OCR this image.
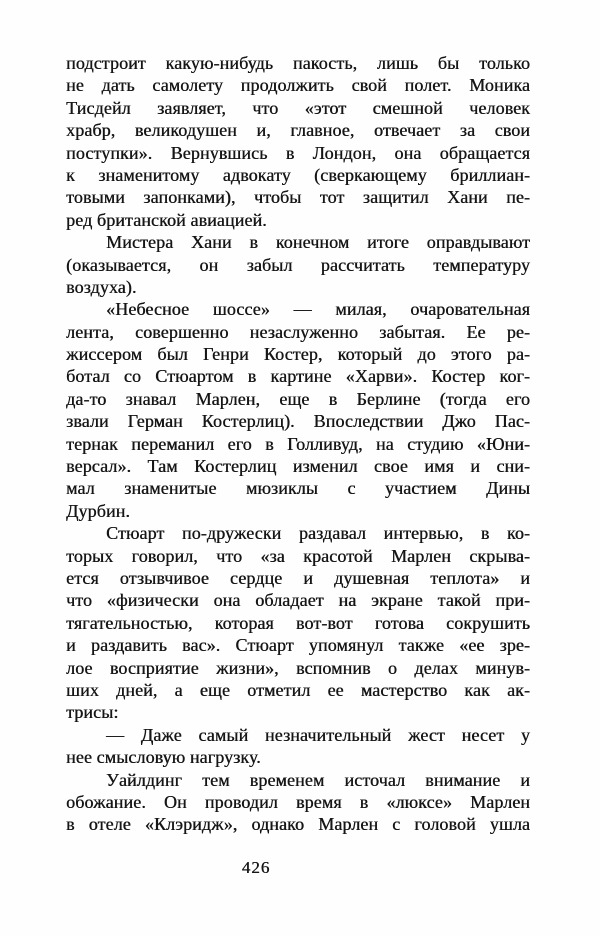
подстроит какую-нибудь пакость, лишь бы только
не дать самолету продолжить свой полет. Моника
Тисдейл заявляет, что «этот смешной человек
храбр, великодушен и, главное, отвечает за свои
поступки». Вернувшись в Лондон, она обращается
к знаменитому адвокату (сверкающему бриллиан-
товыми запонками), чтобы тот защитил Хани пе-
ред британской авиацией.
Мистера Хани в конечном итоге оправдывают
(оказывается, он забыл рассчитать температуру
воздуха).
«Небесное шоссе» — милая, очаровательная
лента, совершенно незаслуженно забытая. Ее ре-
жиссером был Генри Костер, который до этого ра-
ботал со Стюартом в картине «Харви». Костер ког-
да-то знавал Марлен, еще в Берлине (тогда его
звали Герман Костерлиц). Впоследствии Джо Пас-
тернак переманил его в Голливуд, на студию «Юни-
версал». Там Костерлиц изменил свое имя и сни-
мал знаменитые мюзиклы с участием Дины
Дурбин.
Стюарт по-дружески раздавал интервью, в ко-
торых говорил, что «за красотой Марлен скрыва-
ется отзывчивое сердце и душевная теплота» и
что «физически она обладает на экране такой при-
тягательностью, которая вот-вот готова сокрушить
и раздавить вас». Стюарт упомянул также «ее зре-
лое восприятие жизни», вспомнив о делах минув-
ших дней, а еще отметил ее мастерство как ак-
трисы:
— Даже самый незначительный жест несет у
нее смысловую нагрузку.
Уайлдинг тем временем источал внимание и
обожание. Он проводил время в «люксе» Марлен
в отеле «Клэридж», однако Марлен с головой ушла
426
